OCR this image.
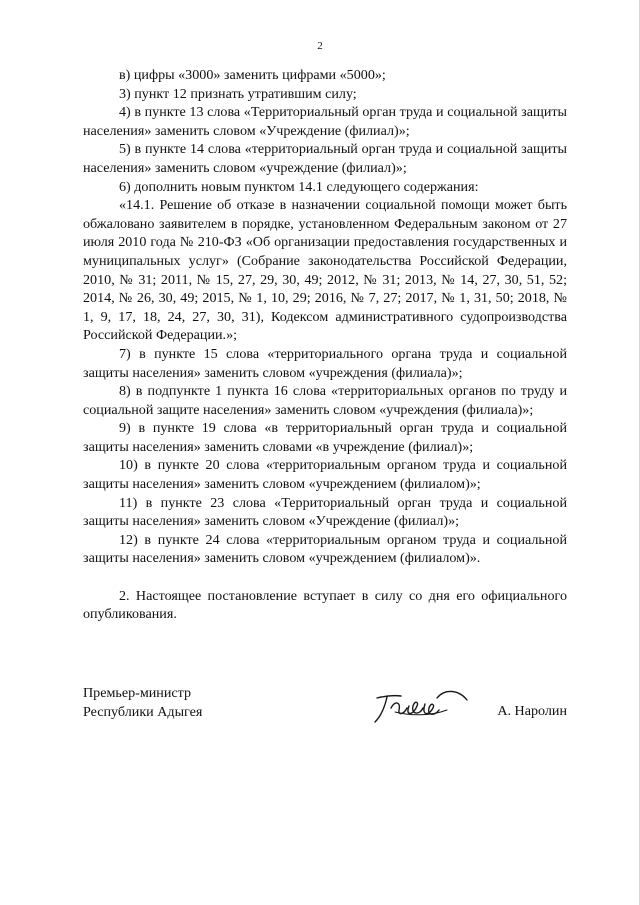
2

в) цифры «3000» заменить цифрами «5000»;

3) пункт 12 признать утратившим силу;

4) в пункте 13 слова «Территориальный орган труда и социальной защиты населения» заменить словом «Учреждение (филиал)»;

5) в пункте 14 слова «территориальный орган труда и социальной защиты населения» заменить словом «учреждение (филиал)»;

6) дополнить новым пунктом 14.1 следующего содержания:

«14.1. Решение об отказе в назначении социальной помощи может быть обжаловано заявителем в порядке, установленном Федеральным законом от 27 июля 2010 года № 210-ФЗ «Об организации предоставления государственных и муниципальных услуг» (Собрание законодательства Российской Федерации, 2010, № 31; 2011, № 15, 27, 29, 30, 49; 2012, № 31; 2013, № 14, 27, 30, 51, 52; 2014, № 26, 30, 49; 2015, № 1, 10, 29; 2016, № 7, 27; 2017, № 1, 31, 50; 2018, № 1, 9, 17, 18, 24, 27, 30, 31), Кодексом административного судопроизводства Российской Федерации.»;

7) в пункте 15 слова «территориального органа труда и социальной защиты населения» заменить словом «учреждения (филиала)»;

8) в подпункте 1 пункта 16 слова «территориальных органов по труду и социальной защите населения» заменить словом «учреждения (филиала)»;

9) в пункте 19 слова «в территориальный орган труда и социальной защиты населения» заменить словами «в учреждение (филиал)»;

10) в пункте 20 слова «территориальным органом труда и социальной защиты населения» заменить словом «учреждением (филиалом)»;

11) в пункте 23 слова «Территориальный орган труда и социальной защиты населения» заменить словом «Учреждение (филиал)»;

12) в пункте 24 слова «территориальным органом труда и социальной защиты населения» заменить словом «учреждением (филиалом)».

2. Настоящее постановление вступает в силу со дня его официального опубликования.

Премьер-министр
Республики Адыгея	А. Наролин
